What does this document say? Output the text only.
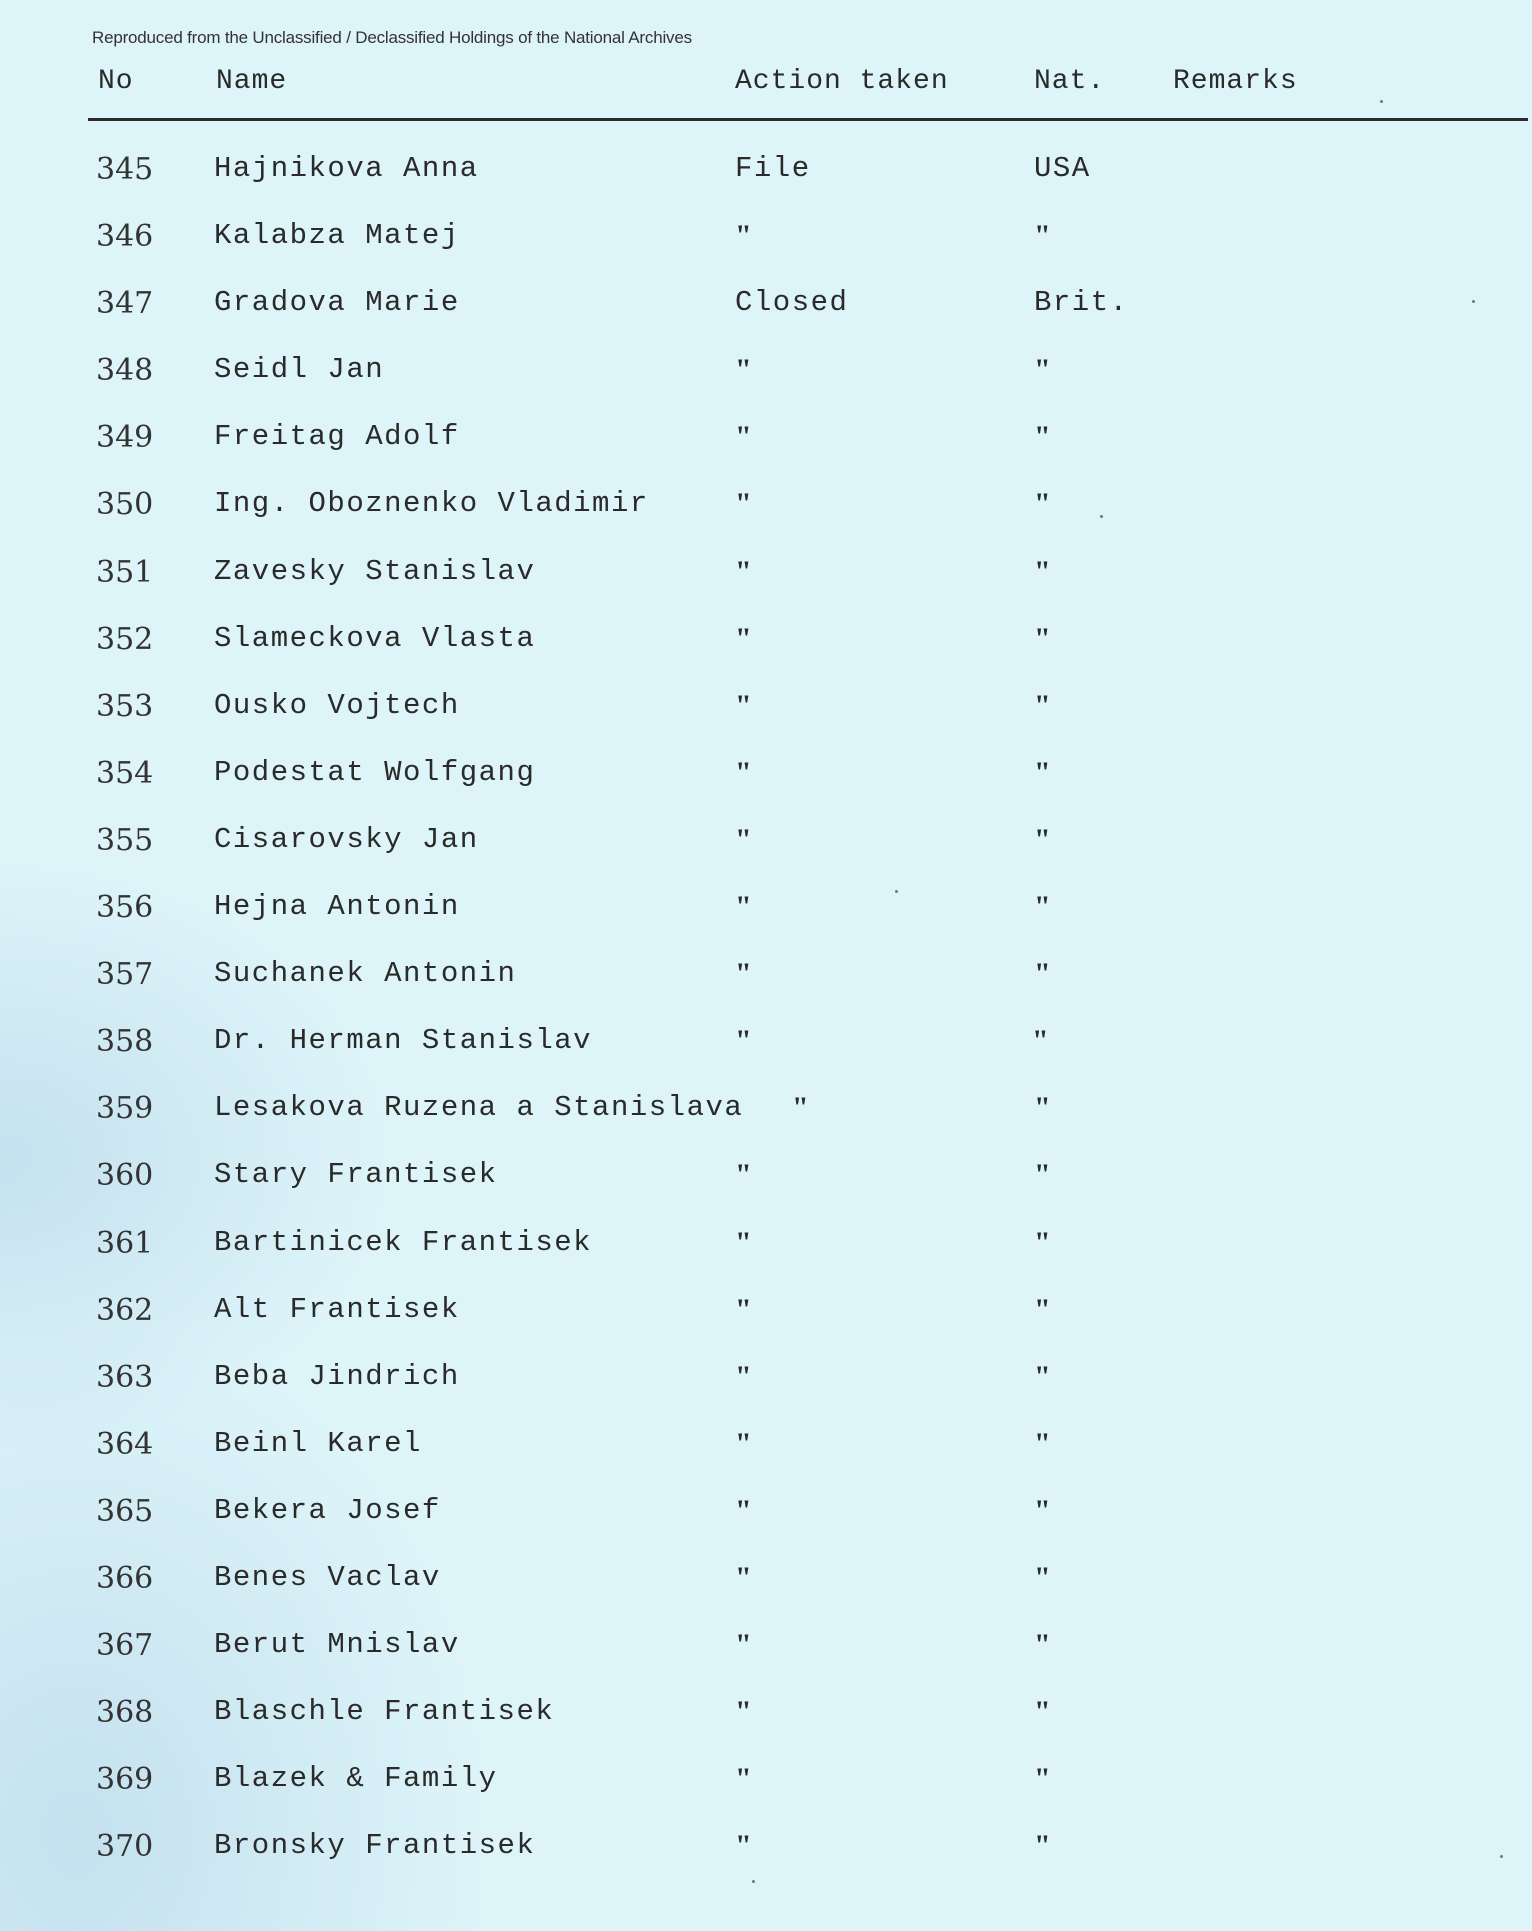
Reproduced from the Unclassified / Declassified Holdings of the National Archives
No	Name	Action taken	Nat. Remarks
345 Hajnikova Anna	File	USA
346 Kalabza Matej	"	"
347 Gradova Marie	Closed	Brit.
348 Seidl Jan	"	"
349 Freitag Adolf	"	"
350 Ing. Oboznenko Vladimir	"	"
351 Zavesky Stanislav	"	"
352 Slameckova Vlasta	"	"
353 Ousko Vojtech	"	"
354 Podestat Wolfgang	"	"
355 Cisarovsky Jan	"	"
356 Hejna Antonin	"	"
357 Suchanek Antonin	"	"
358 Dr. Herman Stanislav	"	"
359 Lesakova Ruzena a Stanislava "	"
360 Stary Frantisek	"	"
361 Bartinicek Frantisek	"	"
362 Alt Frantisek	"	"
363 Beba Jindrich	"	"
364 Beinl Karel	"	"
365 Bekera Josef	"	"
366 Benes Vaclav	"	"
367 Berut Mnislav	"	"
368 Blaschle Frantisek	"	"
369 Blazek & Family	"	"
370 Bronsky Frantisek	"	"
